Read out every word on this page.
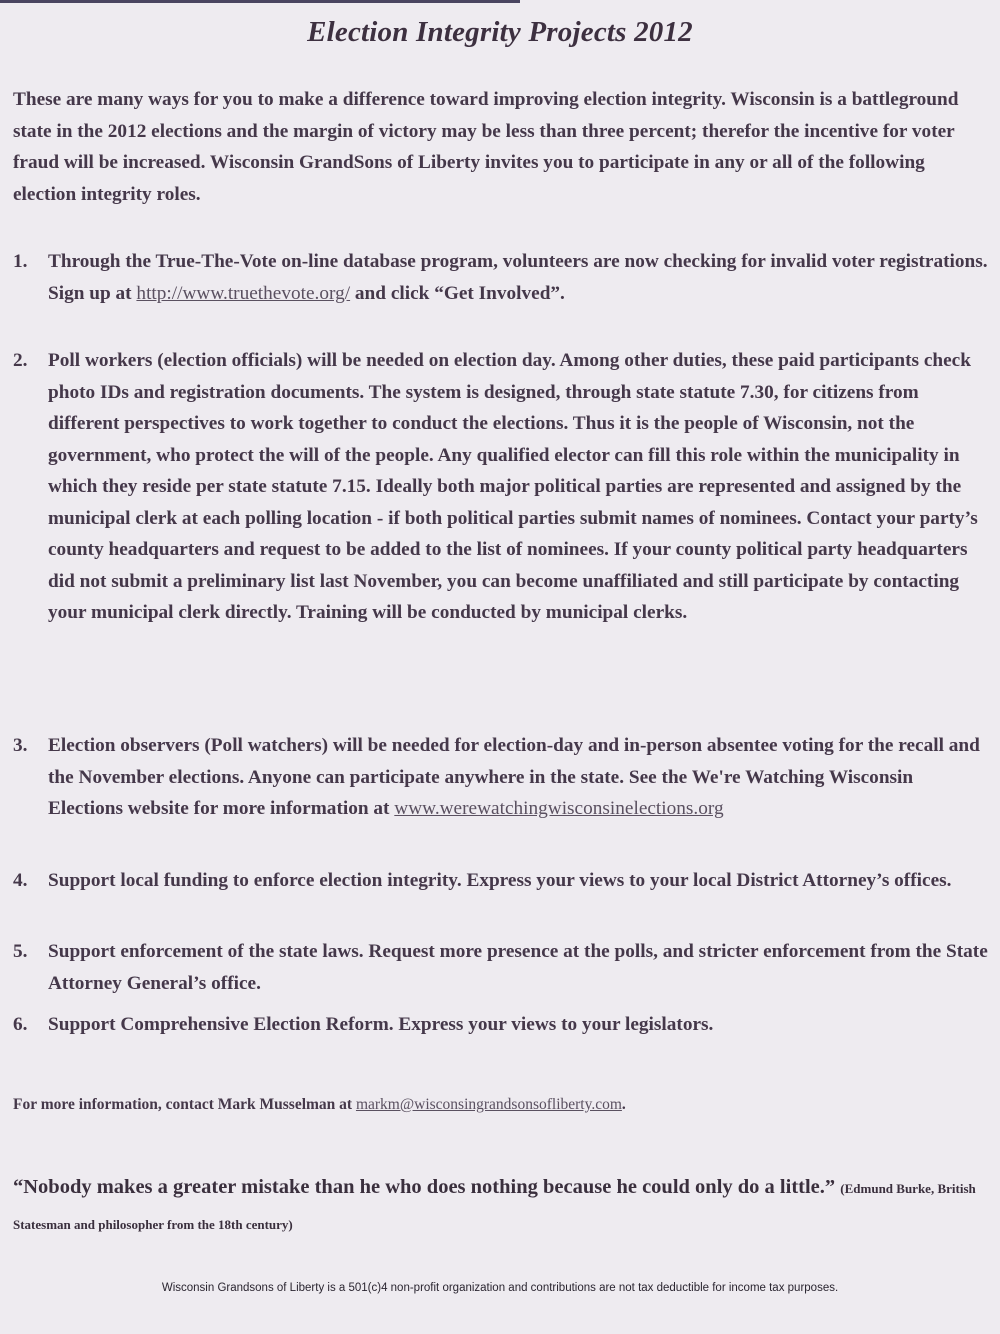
Election Integrity Projects 2012
These are many ways for you to make a difference toward improving election integrity. Wisconsin is a battleground state in the 2012 elections and the margin of victory may be less than three percent; therefor the incentive for voter fraud will be increased. Wisconsin GrandSons of Liberty invites you to participate in any or all of the following election integrity roles.
1.	Through the True-The-Vote on-line database program, volunteers are now checking for invalid voter registrations. Sign up at http://www.truethevote.org/ and click “Get Involved”.
2.	Poll workers (election officials) will be needed on election day. Among other duties, these paid participants check photo IDs and registration documents. The system is designed, through state statute 7.30, for citizens from different perspectives to work together to conduct the elections. Thus it is the people of Wisconsin, not the government, who protect the will of the people. Any qualified elector can fill this role within the municipality in which they reside per state statute 7.15. Ideally both major political parties are represented and assigned by the municipal clerk at each polling location - if both political parties submit names of nominees. Contact your party’s county headquarters and request to be added to the list of nominees. If your county political party headquarters did not submit a preliminary list last November, you can become unaffiliated and still participate by contacting your municipal clerk directly. Training will be conducted by municipal clerks.
3.	Election observers (Poll watchers) will be needed for election-day and in-person absentee voting for the recall and the November elections. Anyone can participate anywhere in the state. See the We're Watching Wisconsin Elections website for more information at www.werewatchingwisconsinelections.org
4.	Support local funding to enforce election integrity. Express your views to your local District Attorney’s offices.
5.	Support enforcement of the state laws. Request more presence at the polls, and stricter enforcement from the State Attorney General’s office.
6.	Support Comprehensive Election Reform. Express your views to your legislators.
For more information, contact Mark Musselman at markm@wisconsingrandsonsofliberty.com.
“Nobody makes a greater mistake than he who does nothing because he could only do a little.” (Edmund Burke, British Statesman and philosopher from the 18th century)
Wisconsin Grandsons of Liberty is a 501(c)4 non-profit organization and contributions are not tax deductible for income tax purposes.
